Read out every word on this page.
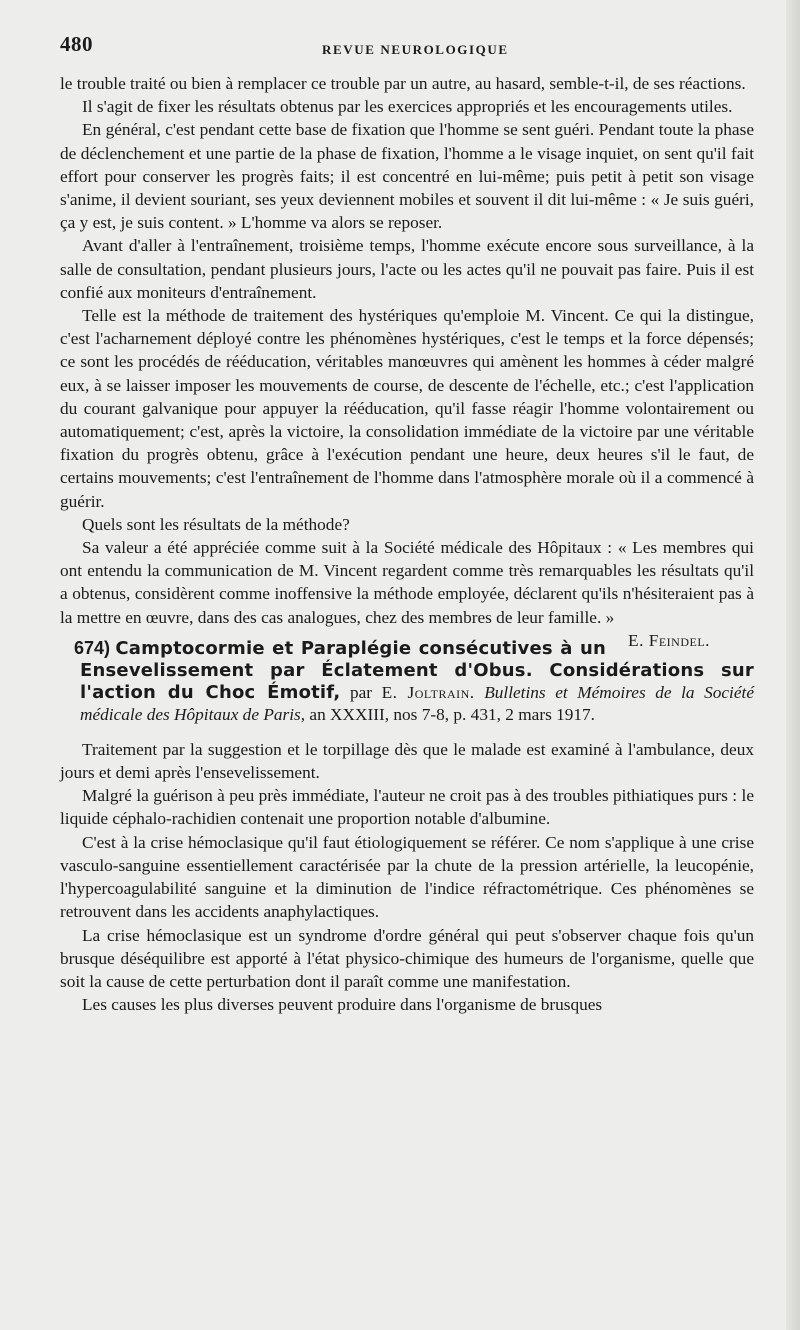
480	REVUE NEUROLOGIQUE

le trouble traité ou bien à remplacer ce trouble par un autre, au hasard, semble-t-il, de ses réactions.

Il s'agit de fixer les résultats obtenus par les exercices appropriés et les encouragements utiles.

En général, c'est pendant cette base de fixation que l'homme se sent guéri. Pendant toute la phase de déclenchement et une partie de la phase de fixation, l'homme a le visage inquiet, on sent qu'il fait effort pour conserver les progrès faits; il est concentré en lui-même; puis petit à petit son visage s'anime, il devient souriant, ses yeux deviennent mobiles et souvent il dit lui-même : « Je suis guéri, ça y est, je suis content. » L'homme va alors se reposer.

Avant d'aller à l'entraînement, troisième temps, l'homme exécute encore sous surveillance, à la salle de consultation, pendant plusieurs jours, l'acte ou les actes qu'il ne pouvait pas faire. Puis il est confié aux moniteurs d'entraînement.

Telle est la méthode de traitement des hystériques qu'emploie M. Vincent. Ce qui la distingue, c'est l'acharnement déployé contre les phénomènes hystériques, c'est le temps et la force dépensés; ce sont les procédés de rééducation, véritables manœuvres qui amènent les hommes à céder malgré eux, à se laisser imposer les mouvements de course, de descente de l'échelle, etc.; c'est l'application du courant galvanique pour appuyer la rééducation, qu'il fasse réagir l'homme volontairement ou automatiquement; c'est, après la victoire, la consolidation immédiate de la victoire par une véritable fixation du progrès obtenu, grâce à l'exécution pendant une heure, deux heures s'il le faut, de certains mouvements; c'est l'entraînement de l'homme dans l'atmosphère morale où il a commencé à guérir.

Quels sont les résultats de la méthode?

Sa valeur a été appréciée comme suit à la Société médicale des Hôpitaux : « Les membres qui ont entendu la communication de M. Vincent regardent comme très remarquables les résultats qu'il a obtenus, considèrent comme inoffensive la méthode employée, déclarent qu'ils n'hésiteraient pas à la mettre en œuvre, dans des cas analogues, chez des membres de leur famille. »
E. Feindel.

674) Camptocormie et Paraplégie consécutives à un Ensevelissement par Éclatement d'Obus. Considérations sur l'action du Choc Émotif, par E. Joltrain. Bulletins et Mémoires de la Société médicale des Hôpitaux de Paris, an XXXIII, nos 7-8, p. 431, 2 mars 1917.

Traitement par la suggestion et le torpillage dès que le malade est examiné à l'ambulance, deux jours et demi après l'ensevelissement.

Malgré la guérison à peu près immédiate, l'auteur ne croit pas à des troubles pithiatiques purs : le liquide céphalo-rachidien contenait une proportion notable d'albumine.

C'est à la crise hémoclasique qu'il faut étiologiquement se référer. Ce nom s'applique à une crise vasculo-sanguine essentiellement caractérisée par la chute de la pression artérielle, la leucopénie, l'hypercoagulabilité sanguine et la diminution de l'indice réfractométrique. Ces phénomènes se retrouvent dans les accidents anaphylactiques.

La crise hémoclasique est un syndrome d'ordre général qui peut s'observer chaque fois qu'un brusque déséquilibre est apporté à l'état physico-chimique des humeurs de l'organisme, quelle que soit la cause de cette perturbation dont il paraît comme une manifestation.

Les causes les plus diverses peuvent produire dans l'organisme de brusques
